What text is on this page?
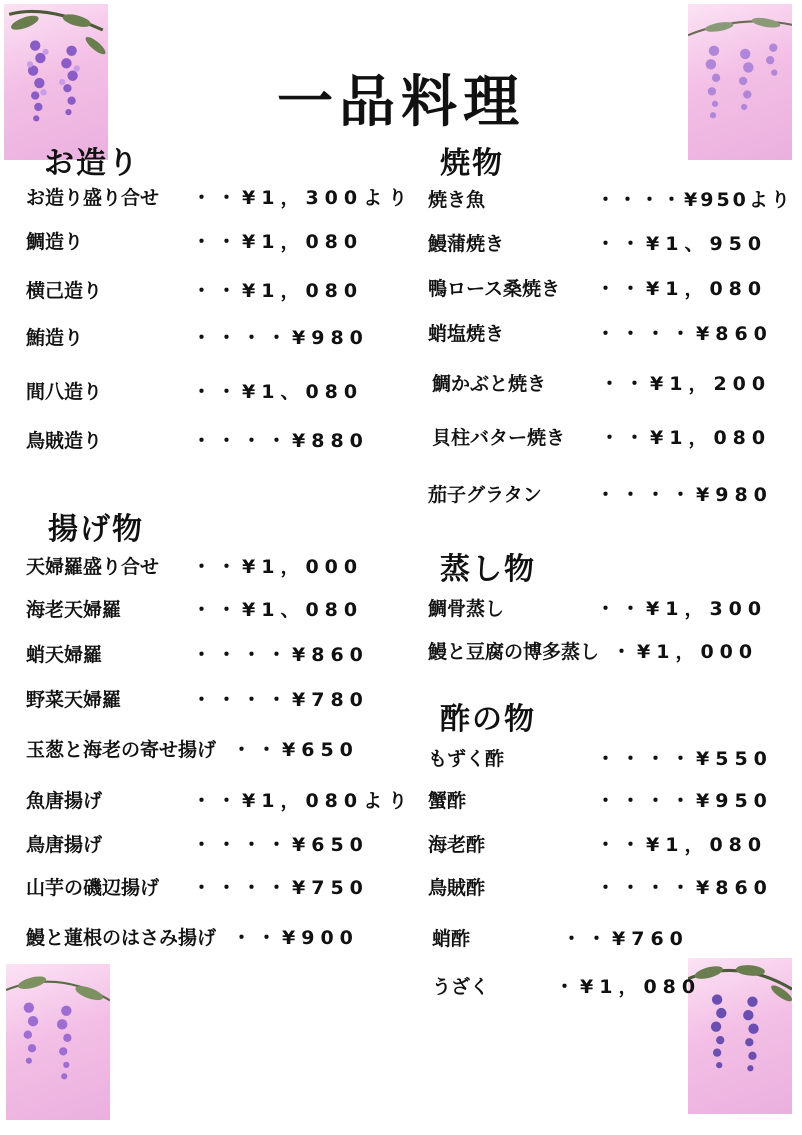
一品料理
お造り
揚げ物
焼物
蒸し物
酢の物
お造り盛り合せ ・・¥1，300より
鯛造り	・・¥1，080
横己造り	・・¥1，080
鮪造り	・・・・¥980
間八造り	・・¥1、080
鳥賊造り	・・・・¥880
天婦羅盛り合せ ・・¥1，000
海老天婦羅	・・¥1、080
蛸天婦羅	・・・・¥860
野菜天婦羅	・・・・¥780
玉葱と海老の寄せ揚げ ・・¥650
魚唐揚げ	・・¥1，080より
鳥唐揚げ	・・・・¥650
山芋の磯辺揚げ ・・・・¥750
鰻と蓮根のはさみ揚げ ・・¥900
焼き魚	・・・・¥950より
鰻蒲焼き	・・¥1、950
鴨ロース桑焼き ・・¥1，080
蛸塩焼き	・・・・¥860
鯛かぶと焼き	・・¥1，200
貝柱バター焼き ・・¥1，080
茄子グラタン	・・・・¥980
鯛骨蒸し	・・¥1，300
鰻と豆腐の博多蒸し ・¥1，000
もずく酢	・・・・¥550
蟹酢	・・・・¥950
海老酢	・・¥1，080
鳥賊酢	・・・・¥860
蛸酢	・・¥760
うざく	・¥1，080
